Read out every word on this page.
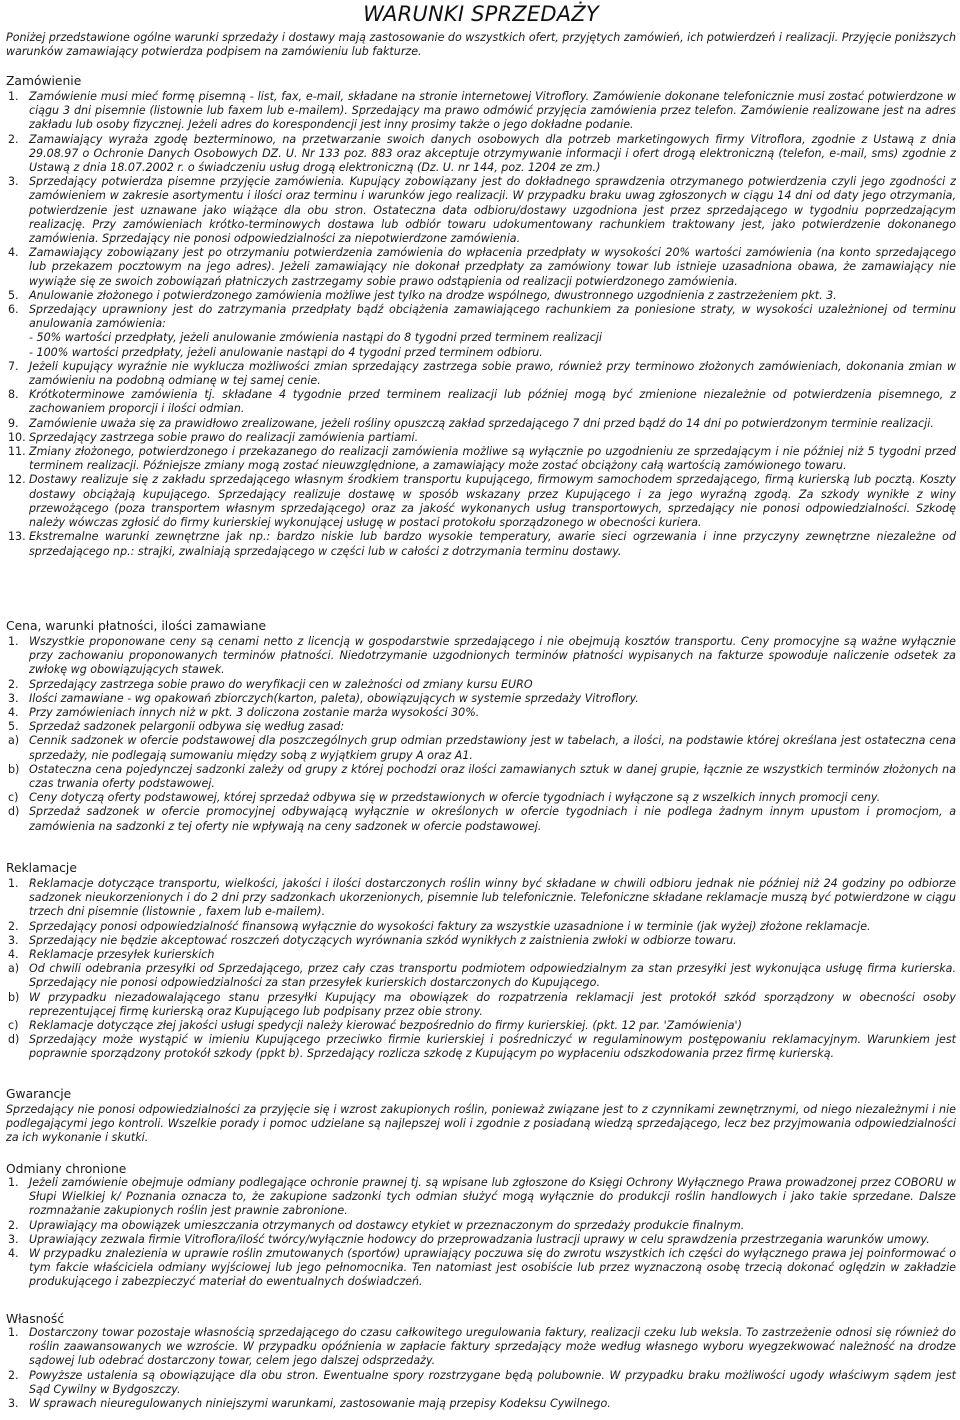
WARUNKI SPRZEDAŻY
Poniżej przedstawione ogólne warunki sprzedaży i dostawy mają zastosowanie do wszystkich ofert, przyjętych zamówień, ich potwierdzeń i realizacji. Przyjęcie poniższych warunków zamawiający potwierdza podpisem na zamówieniu lub fakturze.
Zamówienie
1. Zamówienie musi mieć formę pisemną - list, fax, e-mail, składane na stronie internetowej Vitroflory. Zamówienie dokonane telefonicznie musi zostać potwierdzone w ciągu 3 dni pisemnie (listownie lub faxem lub e-mailem). Sprzedający ma prawo odmówić przyjęcia zamówienia przez telefon. Zamówienie realizowane jest na adres zakładu lub osoby fizycznej. Jeżeli adres do korespondencji jest inny prosimy także o jego dokładne podanie.
2. Zamawiający wyraża zgodę bezterminowo, na przetwarzanie swoich danych osobowych dla potrzeb marketingowych firmy Vitroflora, zgodnie z Ustawą z dnia 29.08.97 o Ochronie Danych Osobowych DZ. U. Nr 133 poz. 883 oraz akceptuje otrzymywanie informacji i ofert drogą elektroniczną (telefon, e-mail, sms) zgodnie z Ustawą z dnia 18.07.2002 r. o świadczeniu usług drogą elektroniczną (Dz. U. nr 144, poz. 1204 ze zm.)
3. Sprzedający potwierdza pisemne przyjęcie zamówienia. Kupujący zobowiązany jest do dokładnego sprawdzenia otrzymanego potwierdzenia czyli jego zgodności z zamówieniem w zakresie asortymentu i ilości oraz terminu i warunków jego realizacji. W przypadku braku uwag zgłoszonych w ciągu 14 dni od daty jego otrzymania, potwierdzenie jest uznawane jako wiążące dla obu stron. Ostateczna data odbioru/dostawy uzgodniona jest przez sprzedającego w tygodniu poprzedzającym realizację. Przy zamówieniach krótko-terminowych dostawa lub odbiór towaru udokumentowany rachunkiem traktowany jest, jako potwierdzenie dokonanego zamówienia. Sprzedający nie ponosi odpowiedzialności za niepotwierdzone zamówienia.
4. Zamawiający zobowiązany jest po otrzymaniu potwierdzenia zamówienia do wpłacenia przedpłaty w wysokości 20% wartości zamówienia (na konto sprzedającego lub przekazem pocztowym na jego adres). Jeżeli zamawiający nie dokonał przedpłaty za zamówiony towar lub istnieje uzasadniona obawa, że zamawiający nie wywiąże się ze swoich zobowiązań płatniczych zastrzegamy sobie prawo odstąpienia od realizacji potwierdzonego zamówienia.
5. Anulowanie złożonego i potwierdzonego zamówienia możliwe jest tylko na drodze wspólnego, dwustronnego uzgodnienia z zastrzeżeniem pkt. 3.
6. Sprzedający uprawniony jest do zatrzymania przedpłaty bądź obciążenia zamawiającego rachunkiem za poniesione straty, w wysokości uzależnionej od terminu anulowania zamówienia:
- 50% wartości przedpłaty, jeżeli anulowanie zmówienia nastąpi do 8 tygodni przed terminem realizacji
- 100% wartości przedpłaty, jeżeli anulowanie nastąpi do 4 tygodni przed terminem odbioru.
7. Jeżeli kupujący wyraźnie nie wyklucza możliwości zmian sprzedający zastrzega sobie prawo, również przy terminowo złożonych zamówieniach, dokonania zmian w zamówieniu na podobną odmianę w tej samej cenie.
8. Krótkoterminowe zamówienia tj. składane 4 tygodnie przed terminem realizacji lub później mogą być zmienione niezależnie od potwierdzenia pisemnego, z zachowaniem proporcji i ilości odmian.
9. Zamówienie uważa się za prawidłowo zrealizowane, jeżeli rośliny opuszczą zakład sprzedającego 7 dni przed bądź do 14 dni po potwierdzonym terminie realizacji.
10. Sprzedający zastrzega sobie prawo do realizacji zamówienia partiami.
11. Zmiany złożonego, potwierdzonego i przekazanego do realizacji zamówienia możliwe są wyłącznie po uzgodnieniu ze sprzedającym i nie później niż 5 tygodni przed terminem realizacji. Późniejsze zmiany mogą zostać nieuwzględnione, a zamawiający może zostać obciążony całą wartością zamówionego towaru.
12. Dostawy realizuje się z zakładu sprzedającego własnym środkiem transportu kupującego, firmowym samochodem sprzedającego, firmą kurierską lub pocztą. Koszty dostawy obciążają kupującego. Sprzedający realizuje dostawę w sposób wskazany przez Kupującego i za jego wyraźną zgodą. Za szkody wynikłe z winy przewożącego (poza transportem własnym sprzedającego) oraz za jakość wykonanych usług transportowych, sprzedający nie ponosi odpowiedzialności. Szkodę należy wówczas zgłosić do firmy kurierskiej wykonującej usługę w postaci protokołu sporządzonego w obecności kuriera.
13. Ekstremalne warunki zewnętrzne jak np.: bardzo niskie lub bardzo wysokie temperatury, awarie sieci ogrzewania i inne przyczyny zewnętrzne niezależne od sprzedającego np.: strajki, zwalniają sprzedającego w części lub w całości z dotrzymania terminu dostawy.
Cena, warunki płatności, ilości zamawiane
1. Wszystkie proponowane ceny są cenami netto z licencją w gospodarstwie sprzedającego i nie obejmują kosztów transportu. Ceny promocyjne są ważne wyłącznie przy zachowaniu proponowanych terminów płatności. Niedotrzymanie uzgodnionych terminów płatności wypisanych na fakturze spowoduje naliczenie odsetek za zwłokę wg obowiązujących stawek.
2. Sprzedający zastrzega sobie prawo do weryfikacji cen w zależności od zmiany kursu EURO
3. Ilości zamawiane - wg opakowań zbiorczych(karton, paleta), obowiązujących w systemie sprzedaży Vitroflory.
4. Przy zamówieniach innych niż w pkt. 3 doliczona zostanie marża wysokości 30%.
5. Sprzedaż sadzonek pelargonii odbywa się według zasad:
a) Cennik sadzonek w ofercie podstawowej dla poszczególnych grup odmian przedstawiony jest w tabelach, a ilości, na podstawie której określana jest ostateczna cena sprzedaży, nie podlegają sumowaniu między sobą z wyjątkiem grupy A oraz A1.
b) Ostateczna cena pojedynczej sadzonki zależy od grupy z której pochodzi oraz ilości zamawianych sztuk w danej grupie, łącznie ze wszystkich terminów złożonych na czas trwania oferty podstawowej.
c) Ceny dotyczą oferty podstawowej, której sprzedaż odbywa się w przedstawionych w ofercie tygodniach i wyłączone są z wszelkich innych promocji ceny.
d) Sprzedaż sadzonek w ofercie promocyjnej odbywającą wyłącznie w określonych w ofercie tygodniach i nie podlega żadnym innym upustom i promocjom, a zamówienia na sadzonki z tej oferty nie wpływają na ceny sadzonek w ofercie podstawowej.
Reklamacje
1. Reklamacje dotyczące transportu, wielkości, jakości i ilości dostarczonych roślin winny być składane w chwili odbioru jednak nie później niż 24 godziny po odbiorze sadzonek nieukorzenionych i do 2 dni przy sadzonkach ukorzenionych, pisemnie lub telefonicznie. Telefoniczne składane reklamacje muszą być potwierdzone w ciągu trzech dni pisemnie (listownie , faxem lub e-mailem).
2. Sprzedający ponosi odpowiedzialność finansową wyłącznie do wysokości faktury za wszystkie uzasadnione i w terminie (jak wyżej) złożone reklamacje.
3. Sprzedający nie będzie akceptować roszczeń dotyczących wyrównania szkód wynikłych z zaistnienia zwłoki w odbiorze towaru.
4. Reklamacje przesyłek kurierskich
a) Od chwili odebrania przesyłki od Sprzedającego, przez cały czas transportu podmiotem odpowiedzialnym za stan przesyłki jest wykonująca usługę firma kurierska. Sprzedający nie ponosi odpowiedzialności za stan przesyłek kurierskich dostarczonych do Kupującego.
b) W przypadku niezadowalającego stanu przesyłki Kupujący ma obowiązek do rozpatrzenia reklamacji jest protokół szkód sporządzony w obecności osoby reprezentującej firmę kurierską oraz Kupującego lub podpisany przez obie strony.
c) Reklamacje dotyczące złej jakości usługi spedycji należy kierować bezpośrednio do firmy kurierskiej. (pkt. 12 par. 'Zamówienia')
d) Sprzedający może wystąpić w imieniu Kupującego przeciwko firmie kurierskiej i pośredniczyć w regulaminowym postępowaniu reklamacyjnym. Warunkiem jest poprawnie sporządzony protokół szkody (ppkt b). Sprzedający rozlicza szkodę z Kupującym po wypłaceniu odszkodowania przez firmę kurierską.
Gwarancje
Sprzedający nie ponosi odpowiedzialności za przyjęcie się i wzrost zakupionych roślin, ponieważ związane jest to z czynnikami zewnętrznymi, od niego niezależnymi i nie podlegającymi jego kontroli. Wszelkie porady i pomoc udzielane są najlepszej woli i zgodnie z posiadaną wiedzą sprzedającego, lecz bez przyjmowania odpowiedzialności za ich wykonanie i skutki.
Odmiany chronione
1. Jeżeli zamówienie obejmuje odmiany podlegające ochronie prawnej tj. są wpisane lub zgłoszone do Księgi Ochrony Wyłącznego Prawa prowadzonej przez COBORU w Słupi Wielkiej k/ Poznania oznacza to, że zakupione sadzonki tych odmian służyć mogą wyłącznie do produkcji roślin handlowych i jako takie sprzedane. Dalsze rozmnażanie zakupionych roślin jest prawnie zabronione.
2. Uprawiający ma obowiązek umieszczania otrzymanych od dostawcy etykiet w przeznaczonym do sprzedaży produkcie finalnym.
3. Uprawiający zezwala firmie Vitroflora/ilość twórcy/wyłącznie hodowcy do przeprowadzania lustracji uprawy w celu sprawdzenia przestrzegania warunków umowy.
4. W przypadku znalezienia w uprawie roślin zmutowanych (sportów) uprawiający poczuwa się do zwrotu wszystkich ich części do wyłącznego prawa jej poinformować o tym fakcie właściciela odmiany wyjściowej lub jego pełnomocnika. Ten natomiast jest osobiście lub przez wyznaczoną osobę trzecią dokonać oględzin w zakładzie produkującego i zabezpieczyć materiał do ewentualnych doświadczeń.
Własność
1. Dostarczony towar pozostaje własnością sprzedającego do czasu całkowitego uregulowania faktury, realizacji czeku lub weksla. To zastrzeżenie odnosi się również do roślin zaawansowanych we wzroście. W przypadku opóźnienia w zapłacie faktury sprzedający może według własnego wyboru wyegzekwować należność na drodze sądowej lub odebrać dostarczony towar, celem jego dalszej odsprzedaży.
2. Powyższe ustalenia są obowiązujące dla obu stron. Ewentualne spory rozstrzygane będą polubownie. W przypadku braku możliwości ugody właściwym sądem jest Sąd Cywilny w Bydgoszczy.
3. W sprawach nieuregulowanych niniejszymi warunkami, zastosowanie mają przepisy Kodeksu Cywilnego.
